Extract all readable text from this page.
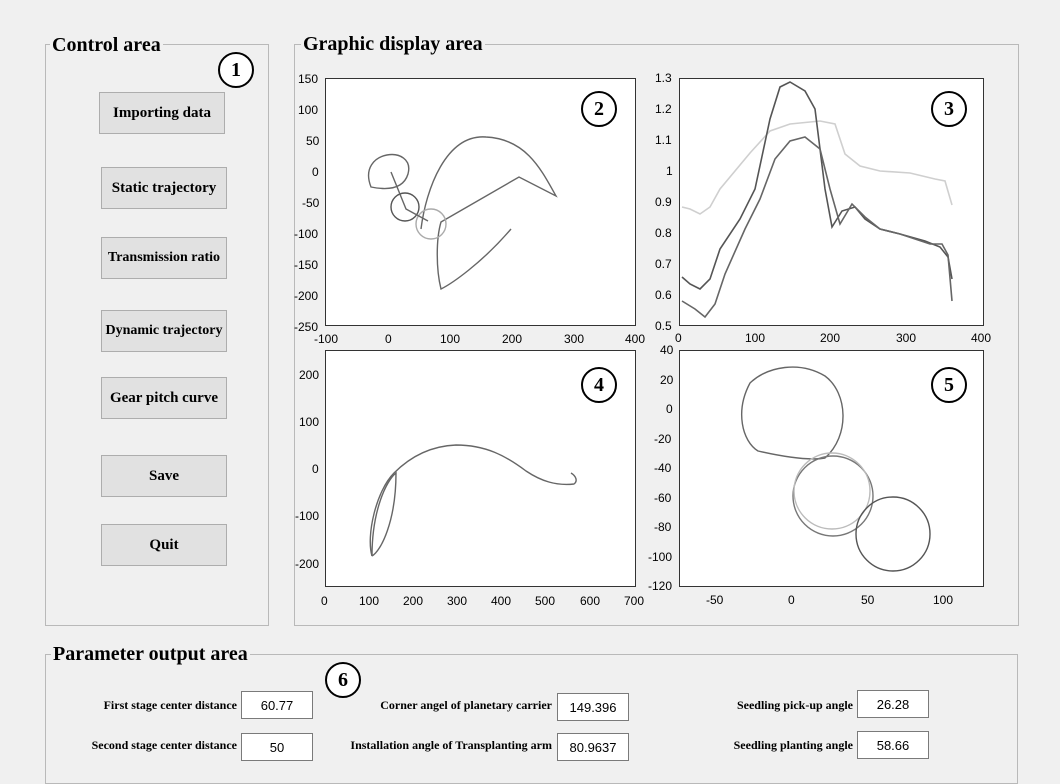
Control area
1
Importing data
Static trajectory
Transmission ratio
Dynamic trajectory
Gear pitch curve
Save
Quit
Graphic display area
2
150
100
50
0
-50
-100
-150
-200
-250
-100	0	100	200	300	400
3
1.3
1.2
1.1
1
0.9
0.8
0.7
0.6
0.5
0	100	200	300	400
4
200
100
0
-100
-200
0	100 200 300 400 500 600 700
5
40
20
0
-20
-40
-60
-80
-100
-120
-50	0	50	100
Parameter output area
6
First stage center distance	60.77
Second stage center distance	50
Corner angel of planetary carrier	149.396
Installation angle of Transplanting arm	80.9637
Seedling pick-up angle	26.28
Seedling planting angle	58.66
